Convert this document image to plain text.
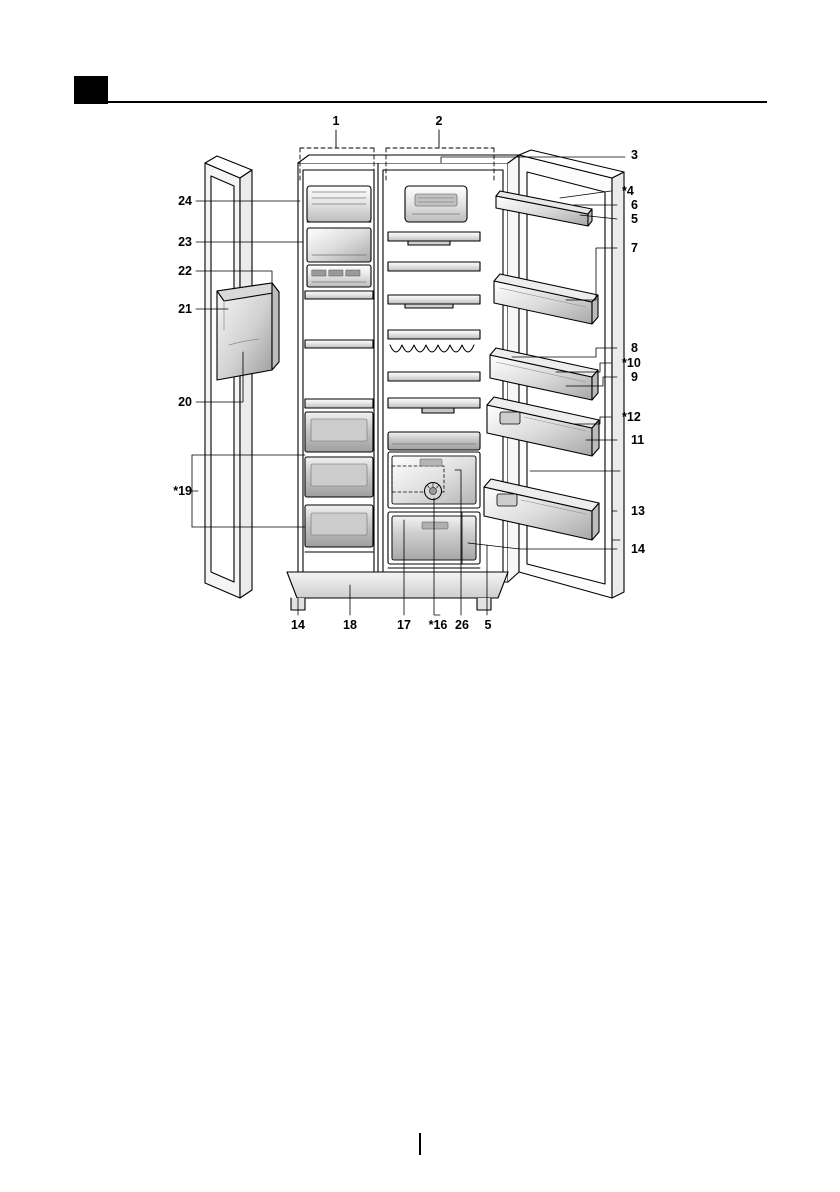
1	2
3
*4
6
5
7
8
*10
9
*12
11
13
14
24
23
22
21
20
*19
14	18	17 *16 26 5
